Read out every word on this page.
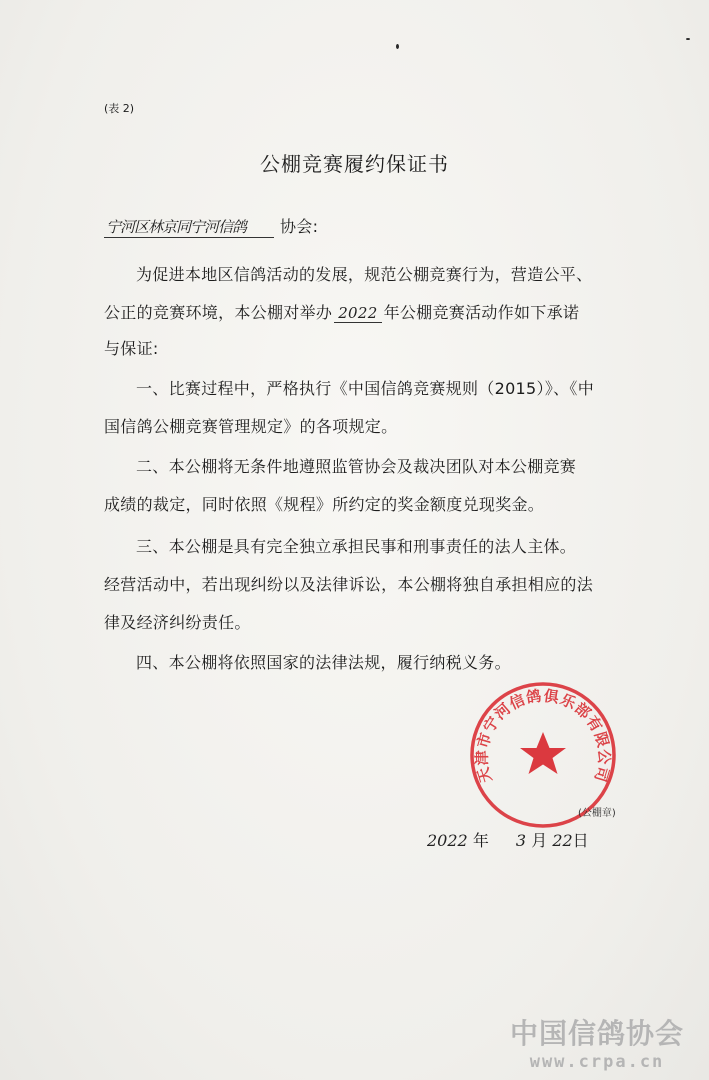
(表 2)
公棚竞赛履约保证书
宁河区林京同宁河信鸽 协会:
为促进本地区信鸽活动的发展，规范公棚竞赛行为，营造公平、
公正的竞赛环境，本公棚对举办 2022 年公棚竞赛活动作如下承诺
与保证:
一、比赛过程中，严格执行《中国信鸽竞赛规则（2015）》、《中
国信鸽公棚竞赛管理规定》的各项规定。
二、本公棚将无条件地遵照监管协会及裁决团队对本公棚竞赛
成绩的裁定，同时依照《规程》所约定的奖金额度兑现奖金。
三、本公棚是具有完全独立承担民事和刑事责任的法人主体。
经营活动中，若出现纠纷以及法律诉讼，本公棚将独自承担相应的法
律及经济纠纷责任。
四、本公棚将依照国家的法律法规，履行纳税义务。
天津市宁河信鸽俱乐部有限公司
(公棚章)
2022 年 3 月 22日
中国信鸽协会
www.crpa.cn
